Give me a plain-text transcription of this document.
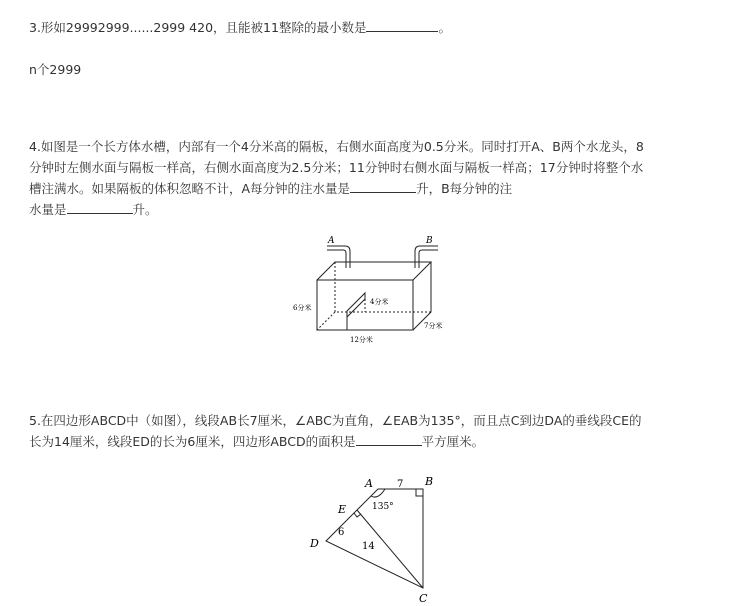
3.形如29992999......2999 420，且能被11整除的最小数是	。
n个2999
4.如图是一个长方体水槽，内部有一个4分米高的隔板，右侧水面高度为0.5分米。同时打开A、B两个水龙头，8
分钟时左侧水面与隔板一样高，右侧水面高度为2.5分米；11分钟时右侧水面与隔板一样高；17分钟时将整个水
槽注满水。如果隔板的体积忽略不计，A每分钟的注水量是	升，B每分钟的注
水量是	升。
A	B
6分米
4分米
7分米
12分米
5.在四边形ABCD中（如图），线段AB长7厘米，∠ABC为直角，∠EAB为135°，而且点C到边DA的垂线段CE的
长为14厘米，线段ED的长为6厘米，四边形ABCD的面积是	平方厘米。
A	B
C
D
E
7
135°
6
14
